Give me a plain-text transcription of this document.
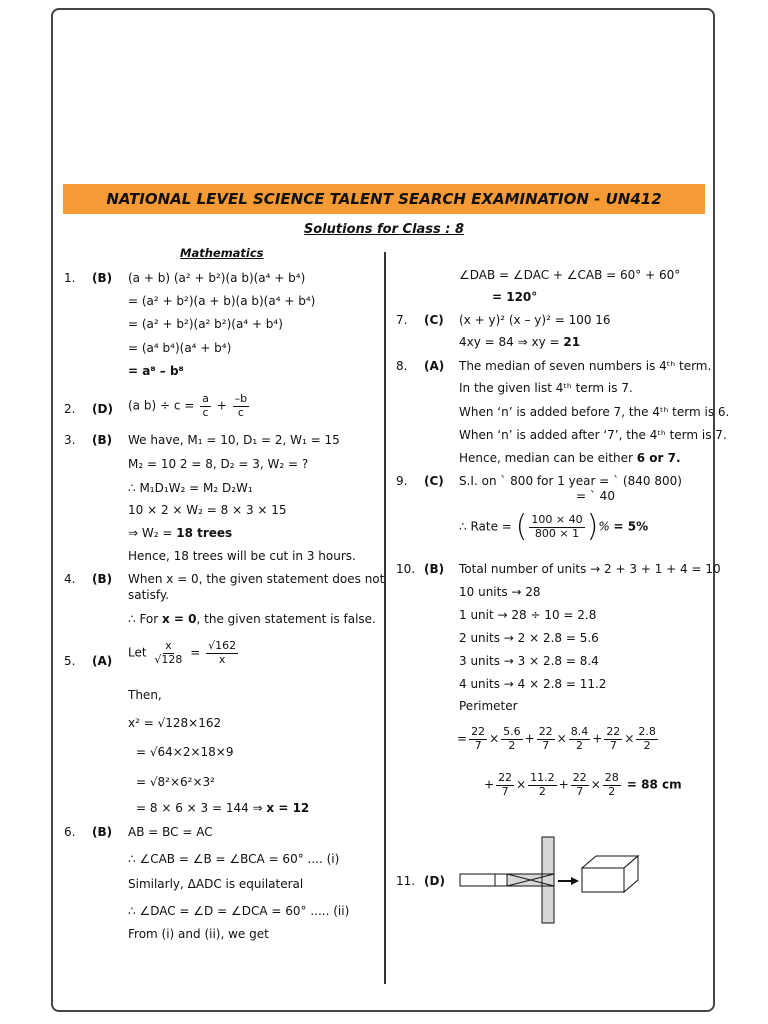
NATIONAL LEVEL SCIENCE TALENT SEARCH EXAMINATION - UN412
Solutions for Class : 8
Mathematics
1. (B) (a + b) (a² + b²)(a b)(a⁴ + b⁴)
= (a² + b²)(a + b)(a b)(a⁴ + b⁴)
= (a² + b²)(a² b²)(a⁴ + b⁴)
= (a⁴ b⁴)(a⁴ + b⁴)
= a⁸ – b⁸
2. (D) (a $b) \div c = \frac{a}{c} + \frac{-b}{c}$
3. (B) We have, M₁ = 10, D₁ = 2, W₁ = 15
M₂ = 10 2 = 8, D₂ = 3, W₂ = ?
∴ M₁D₁W₂ = M₂ D₂W₁
10 × 2 × W₂ = 8 × 3 × 15
⇒ W₂ = 18 trees
Hence, 18 trees will be cut in 3 hours.
4. (B) When x = 0, the given statement does not
satisfy.
∴ For x = 0, the given statement is false.
5. (A)
Let $\frac{x}{√128} = \frac{√162}{x}$
Then,
x² = √128×162
= √64×2×18×9
= √8²×6²×3²
= 8 × 6 × 3 = 144 ⇒ x = 12
6. (B) AB = BC = AC
∴ ∠CAB = ∠B = ∠BCA = 60° .... (i)
Similarly, ΔADC is equilateral
∴ ∠DAC = ∠D = ∠DCA = 60° ..... (ii)
From (i) and (ii), we get
∠DAB = ∠DAC + ∠CAB = 60° + 60°
= 120°
7. (C) (x + y)² (x – y)² = 100 16
4xy = 84 ⇒ xy = 21
8. (A) The median of seven numbers is 4ᵗʰ term.
In the given list 4ᵗʰ term is 7.
When ‘n’ is added before 7, the 4ᵗʰ term is 6.
When ‘n’ is added after ‘7’, the 4ᵗʰ term is 7.
Hence, median can be either 6 or 7.
9. (C) S.I. on ` 800 for 1 year = ` (840 800)
= ` 40
∴ Rate = ( $\frac{100 \times 40}{800 \times 1}$ )% = 5%
10. (B) Total number of units → 2 + 3 + 1 + 4 = 10
10 units → 28
1 unit → 28 ÷ 10 = 2.8
2 units → 2 × 2.8 = 5.6
3 units → 3 × 2.8 = 8.4
4 units → 4 × 2.8 = 11.2
Perimeter
= $\frac{22}{7} \times \frac{5.6}{2} + \frac{22}{7} \times \frac{8.4}{2} + \frac{22}{7} \times \frac{2.8}{2}$
+ $\frac{22}{7} \times \frac{11.2}{2} + \frac{22}{7} \times \frac{28}{2} = 88$ cm
11. (D)
